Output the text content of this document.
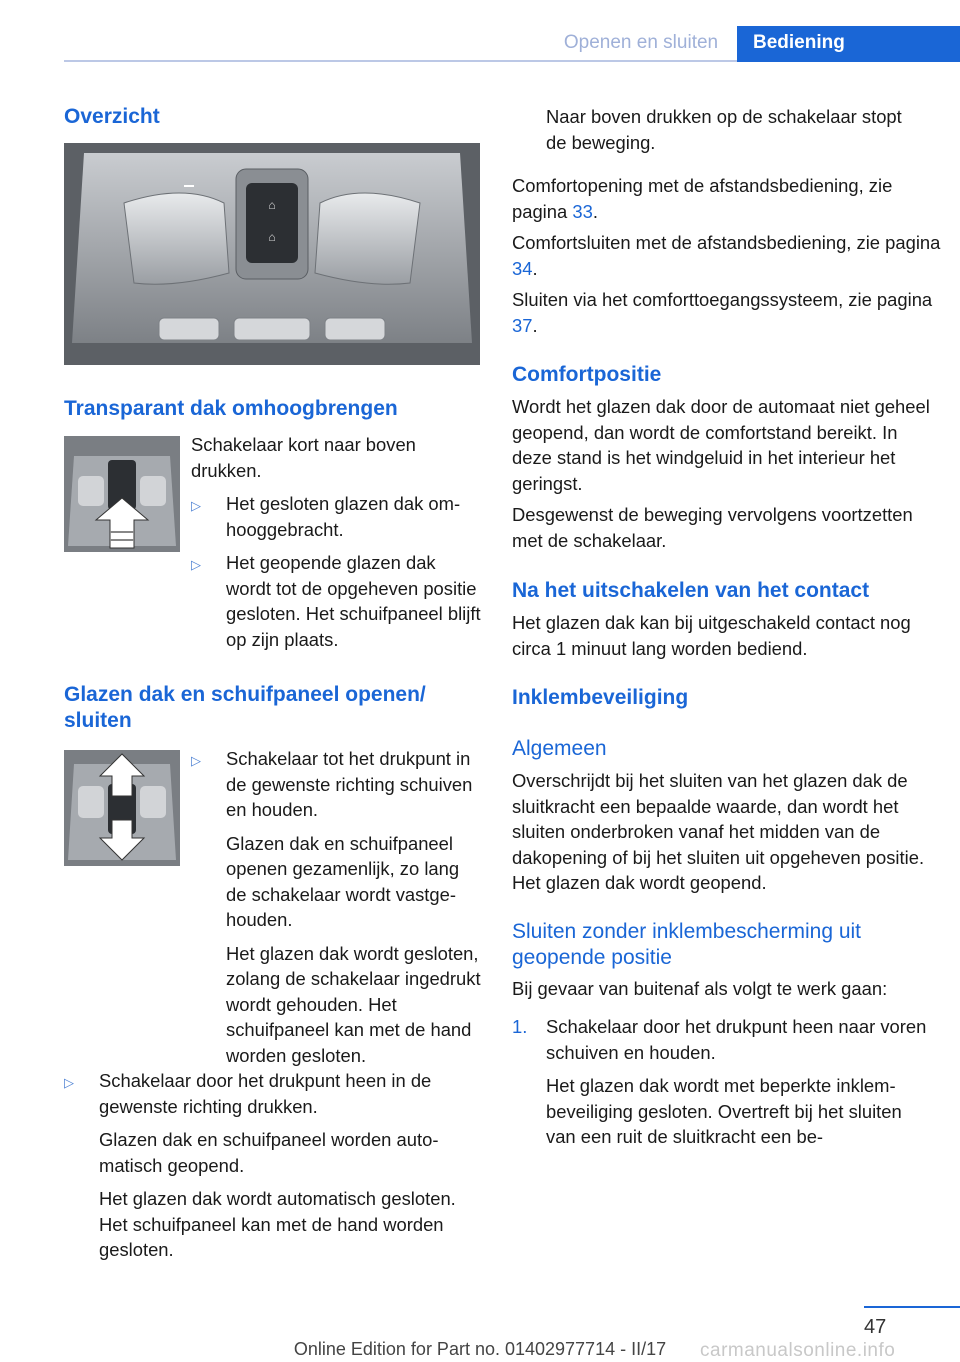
Openen en sluiten	Bediening
Overzicht
⌂
⌂
Transparant dak omhoogbrengen
Schakelaar kort naar boven drukken.
▷ Het gesloten glazen dak omhooggebracht.
▷ Het geopende glazen dak wordt tot de opgeheven positie gesloten. Het schuifpaneel blijft op zijn plaats.
Glazen dak en schuifpaneel openen/ sluiten
▷ Schakelaar tot het drukpunt in de gewenste richting schuiven en houden.
Glazen dak en schuifpaneel openen gezamenlijk, zo lang de schakelaar wordt vastgehouden.
Het glazen dak wordt gesloten, zolang de schakelaar ingedrukt wordt gehouden. Het schuifpaneel kan met de hand worden gesloten.
▷ Schakelaar door het drukpunt heen in de gewenste richting drukken.
Glazen dak en schuifpaneel worden automatisch geopend.
Het glazen dak wordt automatisch gesloten. Het schuifpaneel kan met de hand worden gesloten.
Naar boven drukken op de schakelaar stopt de beweging.
Comfortopening met de afstandsbediening, zie pagina 33.
Comfortsluiten met de afstandsbediening, zie pagina 34.
Sluiten via het comforttoegangssysteem, zie pagina 37.
Comfortpositie
Wordt het glazen dak door de automaat niet geheel geopend, dan wordt de comfortstand bereikt. In deze stand is het windgeluid in het interieur het geringst.
Desgewenst de beweging vervolgens voortzetten met de schakelaar.
Na het uitschakelen van het contact
Het glazen dak kan bij uitgeschakeld contact nog circa 1 minuut lang worden bediend.
Inklembeveiliging
Algemeen
Overschrijdt bij het sluiten van het glazen dak de sluitkracht een bepaalde waarde, dan wordt het sluiten onderbroken vanaf het midden van de dakopening of bij het sluiten uit opgeheven positie. Het glazen dak wordt geopend.
Sluiten zonder inklembescherming uit geopende positie
Bij gevaar van buitenaf als volgt te werk gaan:
1. Schakelaar door het drukpunt heen naar voren schuiven en houden.
Het glazen dak wordt met beperkte inklembeveiliging gesloten. Overtreft bij het sluiten van een ruit de sluitkracht een be-
47
carmanualsonline.info
Online Edition for Part no. 01402977714 - II/17
